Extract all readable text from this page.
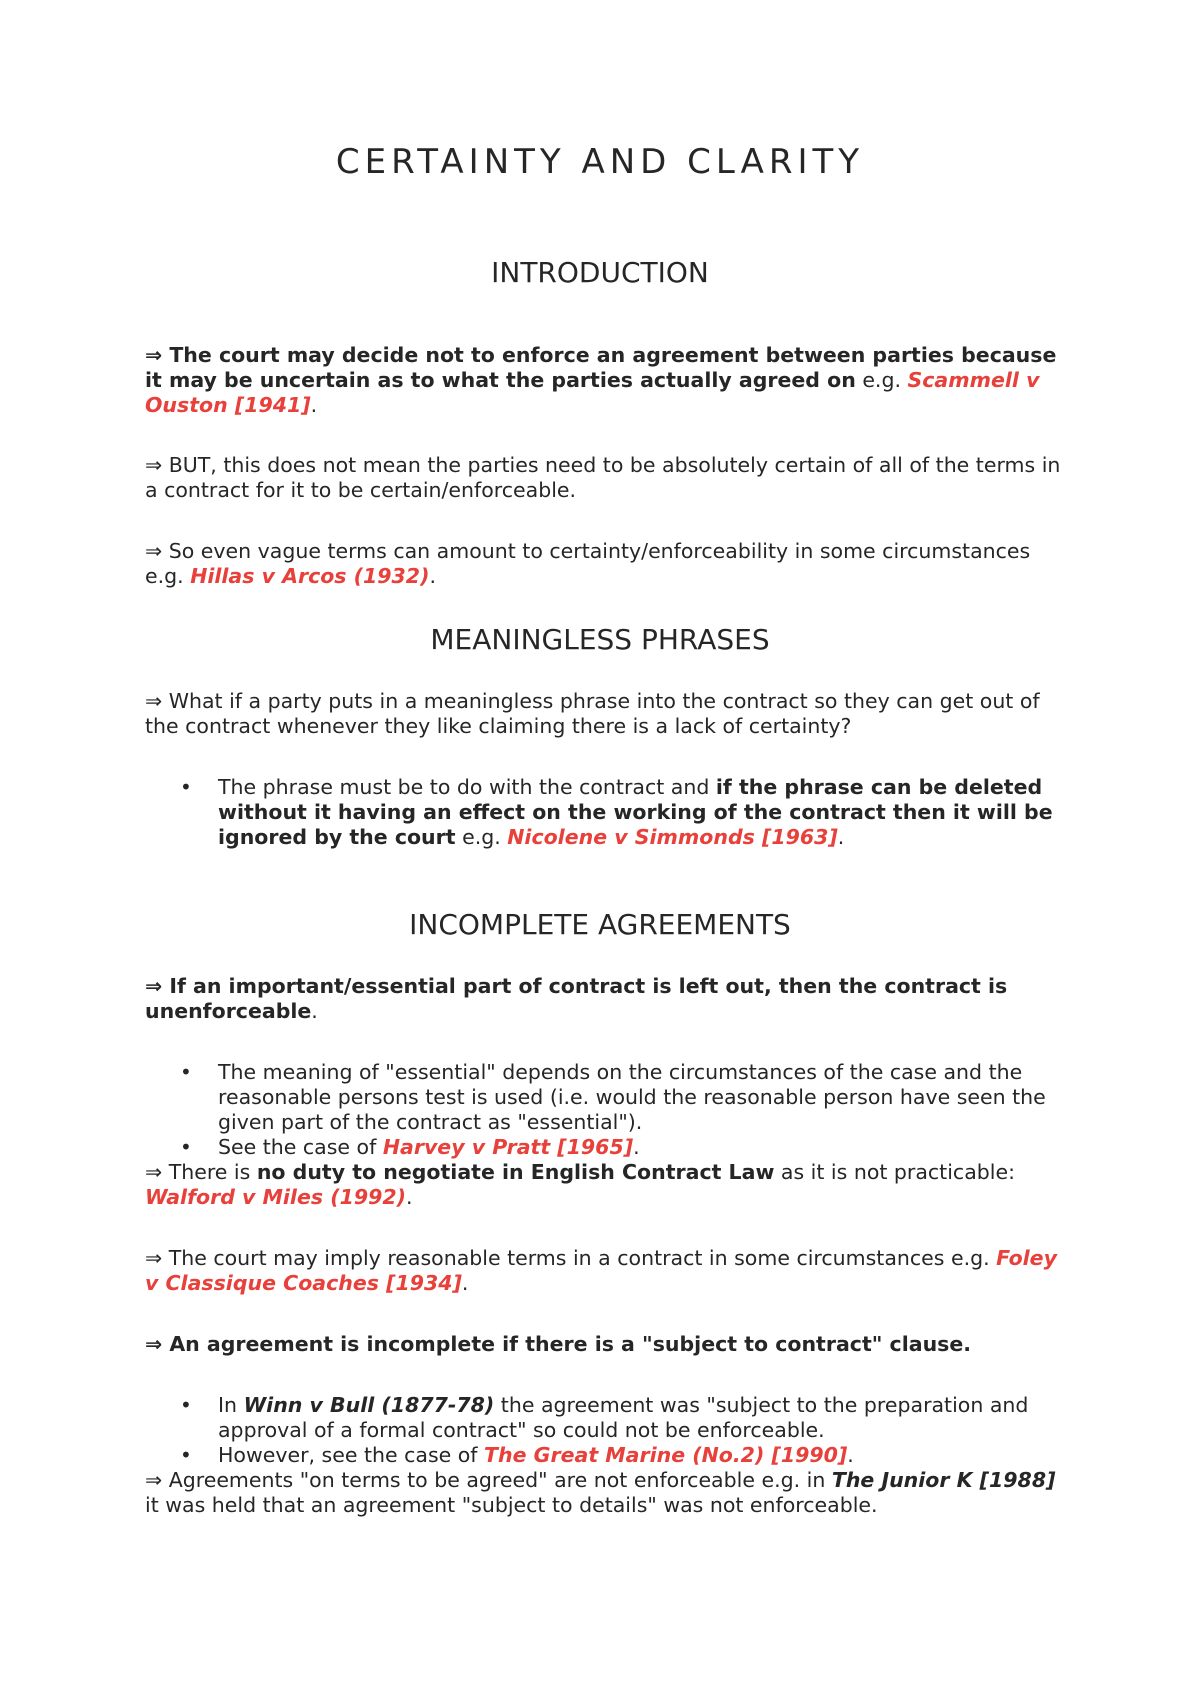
CERTAINTY AND CLARITY
INTRODUCTION

⇒ The court may decide not to enforce an agreement between parties because it may be uncertain as to what the parties actually agreed on e.g. Scammell v Ouston [1941].

⇒ BUT, this does not mean the parties need to be absolutely certain of all of the terms in a contract for it to be certain/enforceable.

⇒ So even vague terms can amount to certainty/enforceability in some circumstances e.g. Hillas v Arcos (1932).

MEANINGLESS PHRASES

⇒ What if a party puts in a meaningless phrase into the contract so they can get out of the contract whenever they like claiming there is a lack of certainty?

• The phrase must be to do with the contract and if the phrase can be deleted without it having an effect on the working of the contract then it will be ignored by the court e.g. Nicolene v Simmonds [1963].

INCOMPLETE AGREEMENTS

⇒ If an important/essential part of contract is left out, then the contract is unenforceable.

• The meaning of "essential" depends on the circumstances of the case and the reasonable persons test is used (i.e. would the reasonable person have seen the given part of the contract as "essential").

• See the case of Harvey v Pratt [1965].

⇒ There is no duty to negotiate in English Contract Law as it is not practicable: Walford v Miles (1992).

⇒ The court may imply reasonable terms in a contract in some circumstances e.g. Foley v Classique Coaches [1934].

⇒ An agreement is incomplete if there is a "subject to contract" clause.

• In Winn v Bull (1877-78) the agreement was "subject to the preparation and approval of a formal contract" so could not be enforceable.

• However, see the case of The Great Marine (No.2) [1990].

⇒ Agreements "on terms to be agreed" are not enforceable e.g. in The Junior K [1988] it was held that an agreement "subject to details" was not enforceable.
